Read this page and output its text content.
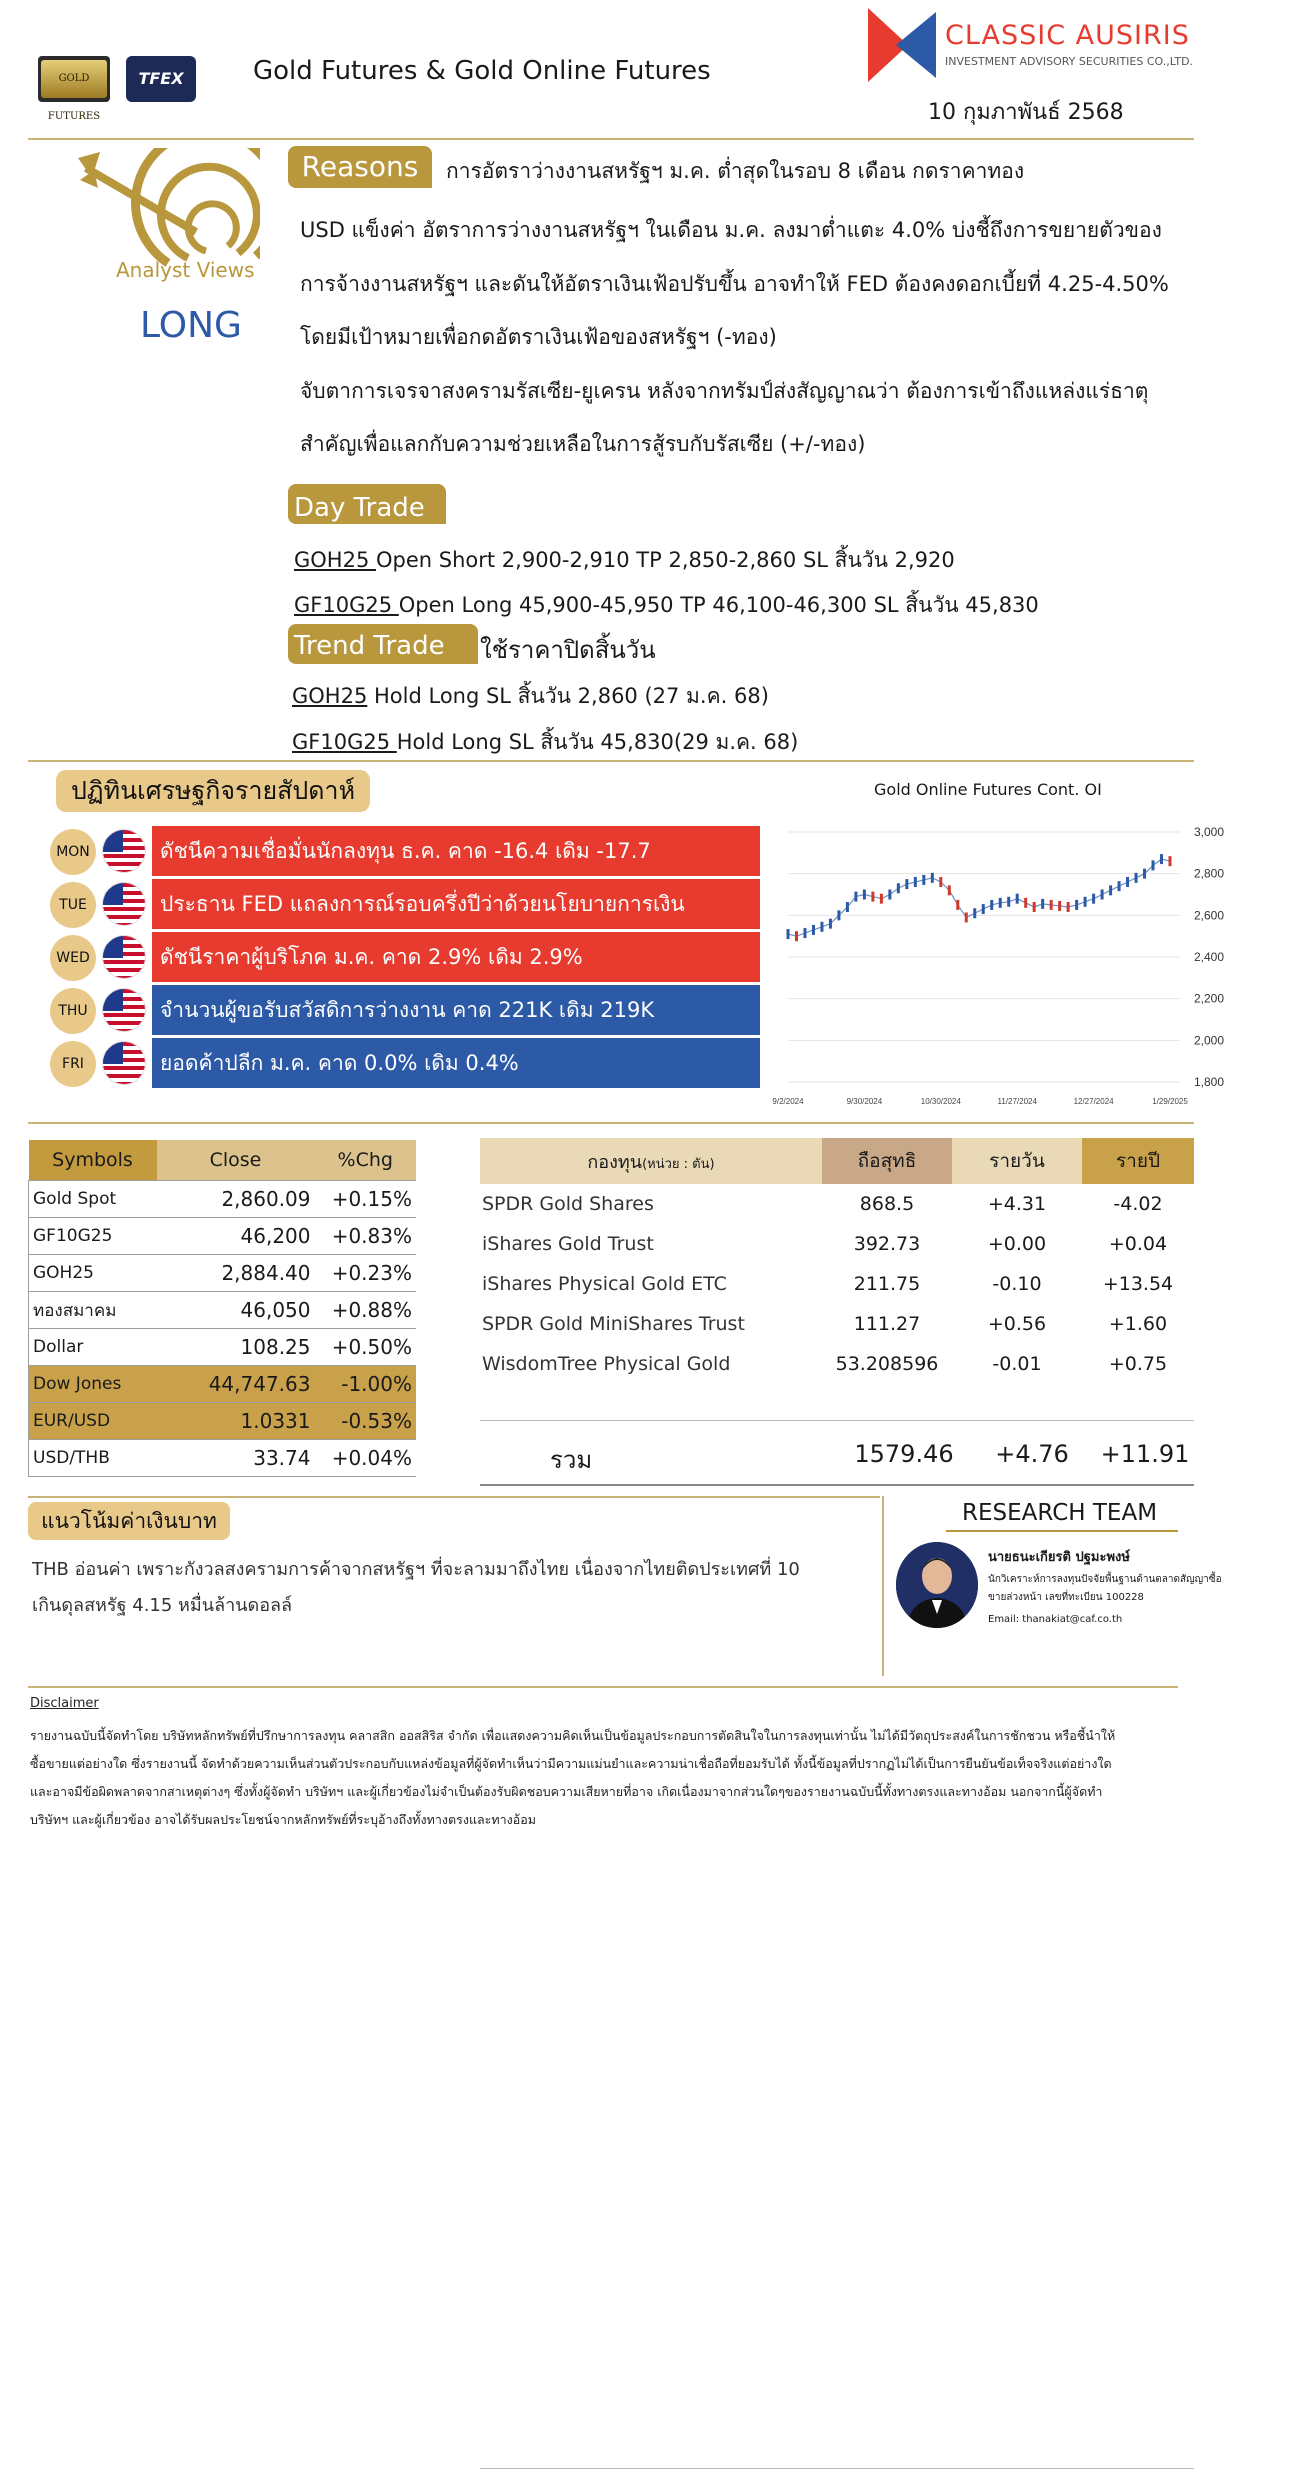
GOLD FUTURES
TFEX	Gold Futures & Gold Online Futures
CLASSIC AUSIRIS
INVESTMENT ADVISORY SECURITIES CO.,LTD.
10 กุมภาพันธ์ 2568
Analyst Views
LONG
Reasons	การอัตราว่างงานสหรัฐฯ ม.ค. ต่ำสุดในรอบ 8 เดือน กดราคาทอง
USD แข็งค่า อัตราการว่างงานสหรัฐฯ ในเดือน ม.ค. ลงมาต่ำแตะ 4.0% บ่งชี้ถึงการขยายตัวของ
การจ้างงานสหรัฐฯ และดันให้อัตราเงินเฟ้อปรับขึ้น อาจทำให้ FED ต้องคงดอกเบี้ยที่ 4.25-4.50%
โดยมีเป้าหมายเพื่อกดอัตราเงินเฟ้อของสหรัฐฯ (-ทอง)
จับตาการเจรจาสงครามรัสเซีย-ยูเครน หลังจากทรัมป์ส่งสัญญาณว่า ต้องการเข้าถึงแหล่งแร่ธาตุ
สำคัญเพื่อแลกกับความช่วยเหลือในการสู้รบกับรัสเซีย (+/-ทอง)
Day Trade
GOH25 Open Short 2,900-2,910 TP 2,850-2,860 SL สิ้นวัน 2,920
GF10G25 Open Long 45,900-45,950 TP 46,100-46,300 SL สิ้นวัน 45,830
Trend Trade	ใช้ราคาปิดสิ้นวัน
GOH25 Hold Long SL สิ้นวัน 2,860 (27 ม.ค. 68)
GF10G25 Hold Long SL สิ้นวัน 45,830(29 ม.ค. 68)
ปฏิทินเศรษฐกิจรายสัปดาห์
MON	ดัชนีความเชื่อมั่นนักลงทุน ธ.ค. คาด -16.4 เดิม -17.7
TUE	ประธาน FED แถลงการณ์รอบครึ่งปีว่าด้วยนโยบายการเงิน
WED	ดัชนีราคาผู้บริโภค ม.ค. คาด 2.9% เดิม 2.9%
THU	จำนวนผู้ขอรับสวัสดิการว่างงาน คาด 221K เดิม 219K
FRI	ยอดค้าปลีก ม.ค. คาด 0.0% เดิม 0.4%
Gold Online Futures Cont. OI
3,000
2,800
2,600
2,400
2,200
2,000
1,800
9/2/2024	9/30/2024	10/30/2024	11/27/2024	12/27/2024	1/29/2025
Symbols	Close	%Chg
Gold Spot	2,860.09	+0.15%
GF10G25	46,200	+0.83%
GOH25	2,884.40	+0.23%
ทองสมาคม	46,050	+0.88%
Dollar	108.25	+0.50%
Dow Jones	44,747.63	-1.00%
EUR/USD	1.0331	-0.53%
USD/THB	33.74	+0.04%
กองทุน(หน่วย : ตัน)	ถือสุทธิ	รายวัน	รายปี
SPDR Gold Shares	868.5	+4.31	-4.02
iShares Gold Trust	392.73	+0.00	+0.04
iShares Physical Gold ETC	211.75	-0.10	+13.54
SPDR Gold MiniShares Trust	111.27	+0.56	+1.60
WisdomTree Physical Gold	53.208596	-0.01	+0.75
รวม	1579.46	+4.76	+11.91
แนวโน้มค่าเงินบาท
THB อ่อนค่า เพราะกังวลสงครามการค้าจากสหรัฐฯ ที่จะลามมาถึงไทย เนื่องจากไทยติดประเทศที่ 10
เกินดุลสหรัฐ 4.15 หมื่นล้านดอลล์
RESEARCH TEAM
นายธนะเกียรติ ปฐมะพงษ์
นักวิเคราะห์การลงทุนปัจจัยพื้นฐานด้านตลาดสัญญาซื้อ
ขายล่วงหน้า เลขที่ทะเบียน 100228
Email: thanakiat@caf.co.th
Disclaimer
รายงานฉบับนี้จัดทำโดย บริษัทหลักทรัพย์ที่ปรึกษาการลงทุน คลาสสิก ออสสิริส จำกัด เพื่อแสดงความคิดเห็นเป็นข้อมูลประกอบการตัดสินใจในการลงทุนเท่านั้น ไม่ได้มีวัตถุประสงค์ในการชักชวน หรือชี้นำให้
ซื้อขายแต่อย่างใด ซึ่งรายงานนี้ จัดทำด้วยความเห็นส่วนตัวประกอบกับแหล่งข้อมูลที่ผู้จัดทำเห็นว่ามีความแม่นยำและความน่าเชื่อถือที่ยอมรับได้ ทั้งนี้ข้อมูลที่ปรากฏไม่ได้เป็นการยืนยันข้อเท็จจริงแต่อย่างใด
และอาจมีข้อผิดพลาดจากสาเหตุต่างๆ ซึ่งทั้งผู้จัดทำ บริษัทฯ และผู้เกี่ยวข้องไม่จำเป็นต้องรับผิดชอบความเสียหายที่อาจ เกิดเนื่องมาจากส่วนใดๆของรายงานฉบับนี้ทั้งทางตรงและทางอ้อม นอกจากนี้ผู้จัดทำ
บริษัทฯ และผู้เกี่ยวข้อง อาจได้รับผลประโยชน์จากหลักทรัพย์ที่ระบุอ้างถึงทั้งทางตรงและทางอ้อม
